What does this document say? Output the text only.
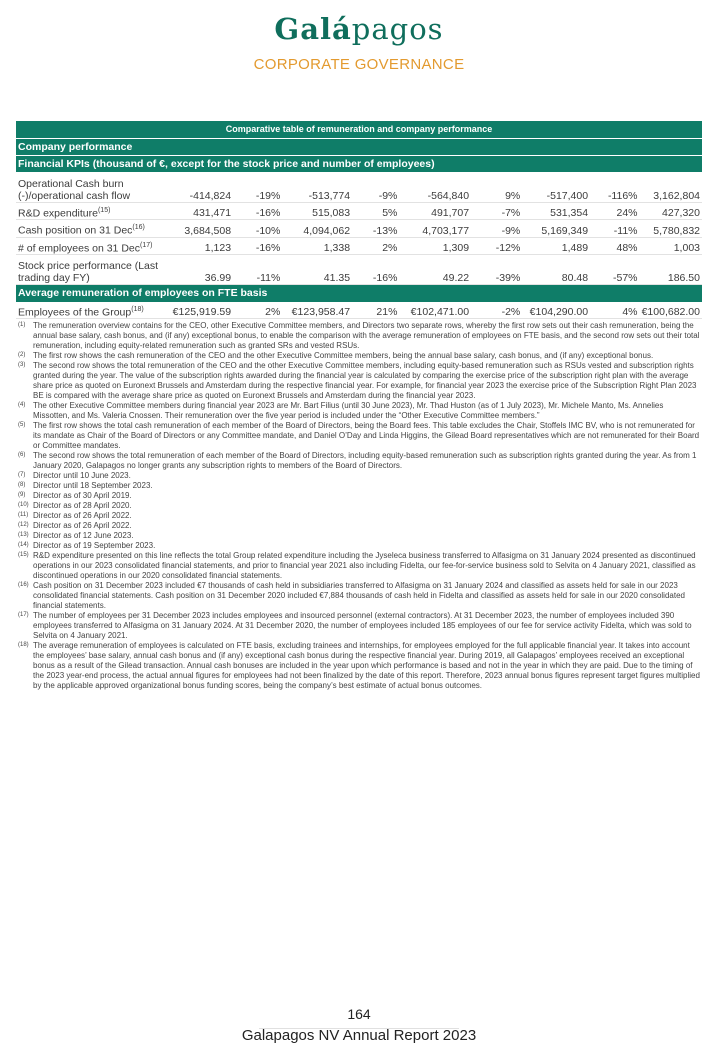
Galápagos
CORPORATE GOVERNANCE
Comparative table of remuneration and company performance									
Company performance									
Financial KPIs (thousand of €, except for the stock price and number of employees)									
Operational Cash burn (-)/operational cash flow	-414,824	-19%	-513,774	-9%	-564,840	9%	-517,400	-116%	3,162,804
R&D expenditure$^{(15)}$	431,471	-16%	515,083	5%	491,707	-7%	531,354	24%	427,320
Cash position on 31 Dec$^{(16)}$	3,684,508	-10%	4,094,062	-13%	4,703,177	-9%	5,169,349	-11%	5,780,832
# of employees on 31 Dec$^{(17)}$	1,123	-16%	1,338	2%	1,309	-12%	1,489	48%	1,003
Stock price performance (Last trading day FY)	36.99	-11%	41.35	-16%	49.22	-39%	80.48	-57%	186.50
Average remuneration of employees on FTE basis									
Employees of the Group$^{(18)}$	€125,919.59	2%	€123,958.47	21%	€102,471.00	-2%	€104,290.00	4%	€100,682.00
(1) The remuneration overview contains for the CEO, other Executive Committee members, and Directors two separate rows, whereby the first row sets out their cash remuneration, being the annual base salary, cash bonus, and (if any) exceptional bonus, to enable the comparison with the average remuneration of employees on FTE basis, and the second row sets out their total remuneration, including equity-related remuneration such as granted SRs and vested RSUs.
(2) The first row shows the cash remuneration of the CEO and the other Executive Committee members, being the annual base salary, cash bonus, and (if any) exceptional bonus.
(3) The second row shows the total remuneration of the CEO and the other Executive Committee members, including equity-based remuneration such as RSUs vested and subscription rights granted during the year. The value of the subscription rights awarded during the financial year is calculated by comparing the exercise price of the subscription right plan with the average share price as quoted on Euronext Brussels and Amsterdam during the respective financial year. For example, for financial year 2023 the exercise price of the Subscription Right Plan 2023 BE is compared with the average share price as quoted on Euronext Brussels and Amsterdam during the financial year 2023.
(4) The other Executive Committee members during financial year 2023 are Mr. Bart Filius (until 30 June 2023), Mr. Thad Huston (as of 1 July 2023), Mr. Michele Manto, Ms. Annelies Missotten, and Ms. Valeria Cnossen. Their remuneration over the five year period is included under the “Other Executive Committee members.”
(5) The first row shows the total cash remuneration of each member of the Board of Directors, being the Board fees. This table excludes the Chair, Stoffels IMC BV, who is not remunerated for its mandate as Chair of the Board of Directors or any Committee mandate, and Daniel O’Day and Linda Higgins, the Gilead Board representatives which are not remunerated for their Board or Committee mandates.
(6) The second row shows the total remuneration of each member of the Board of Directors, including equity-based remuneration such as subscription rights granted during the year. As from 1 January 2020, Galapagos no longer grants any subscription rights to members of the Board of Directors.
(7) Director until 10 June 2023.
(8) Director until 18 September 2023.
(9) Director as of 30 April 2019.
(10) Director as of 28 April 2020.
(11) Director as of 26 April 2022.
(12) Director as of 26 April 2022.
(13) Director as of 12 June 2023.
(14) Director as of 19 September 2023.
(15) R&D expenditure presented on this line reflects the total Group related expenditure including the Jyseleca business transferred to Alfasigma on 31 January 2024 presented as discontinued operations in our 2023 consolidated financial statements, and prior to financial year 2021 also including Fidelta, our fee-for-service business sold to Selvita on 4 January 2021, classified as discontinued operations in our 2020 consolidated financial statements.
(16) Cash position on 31 December 2023 included €7 thousands of cash held in subsidiaries transferred to Alfasigma on 31 January 2024 and classified as assets held for sale in our 2023 consolidated financial statements. Cash position on 31 December 2020 included €7,884 thousands of cash held in Fidelta and classified as assets held for sale in our 2020 consolidated financial statements.
(17) The number of employees per 31 December 2023 includes employees and insourced personnel (external contractors). At 31 December 2023, the number of employees included 390 employees transferred to Alfasigma on 31 January 2024. At 31 December 2020, the number of employees included 185 employees of our fee for service activity Fidelta, which was sold to Selvita on 4 January 2021.
(18) The average remuneration of employees is calculated on FTE basis, excluding trainees and internships, for employees employed for the full applicable financial year. It takes into account the employees’ base salary, annual cash bonus and (if any) exceptional cash bonus during the respective financial year. During 2019, all Galapagos’ employees received an exceptional bonus as a result of the Gilead transaction. Annual cash bonuses are included in the year upon which performance is based and not in the year in which they are paid. Due to the timing of the 2023 year-end process, the actual annual figures for employees had not been finalized by the date of this report. Therefore, 2023 annual bonus figures represent target figures multiplied by the applicable approved organizational bonus funding scores, being the company’s best estimate of actual bonus outcomes.
164
Galapagos NV Annual Report 2023
